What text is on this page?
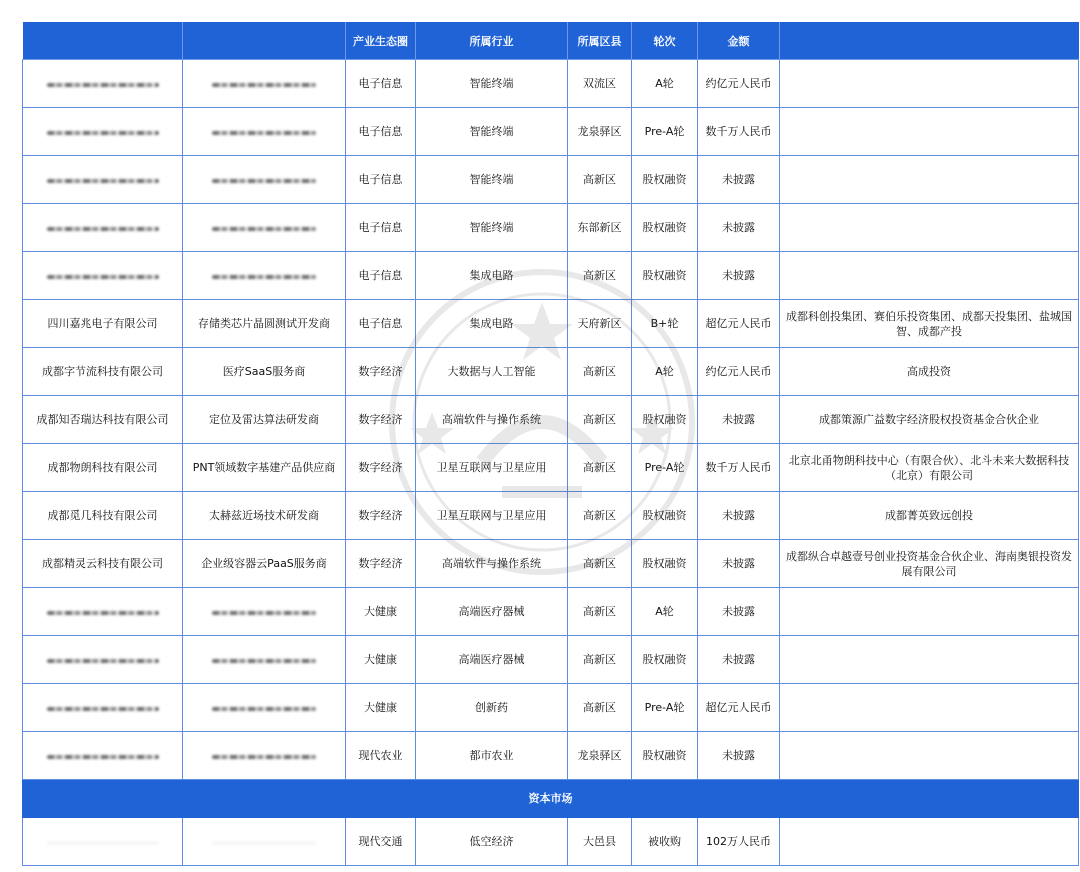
		产业生态圈	所属行业	所属区县	轮次	金额	
		电子信息	智能终端	双流区	A轮	约亿元人民币	
		电子信息	智能终端	龙泉驿区	Pre-A轮	数千万人民币	
		电子信息	智能终端	高新区	股权融资	未披露	
		电子信息	智能终端	东部新区	股权融资	未披露	
		电子信息	集成电路	高新区	股权融资	未披露	
四川嘉兆电子有限公司	存储类芯片晶圆测试开发商	电子信息	集成电路	天府新区	B+轮	超亿元人民币	成都科创投集团、赛伯乐投资集团、成都天投集团、盐城国智、成都产投
成都字节流科技有限公司	医疗SaaS服务商	数字经济	大数据与人工智能	高新区	A轮	约亿元人民币	高成投资
成都知否瑞达科技有限公司	定位及雷达算法研发商	数字经济	高端软件与操作系统	高新区	股权融资	未披露	成都策源广益数字经济股权投资基金合伙企业
成都物朗科技有限公司	PNT领域数字基建产品供应商	数字经济	卫星互联网与卫星应用	高新区	Pre-A轮	数千万人民币	北京北甬物朗科技中心（有限合伙）、北斗未来大数据科技（北京）有限公司
成都觅几科技有限公司	太赫兹近场技术研发商	数字经济	卫星互联网与卫星应用	高新区	股权融资	未披露	成都菁英致远创投
成都精灵云科技有限公司	企业级容器云PaaS服务商	数字经济	高端软件与操作系统	高新区	股权融资	未披露	成都纵合卓越壹号创业投资基金合伙企业、海南奥银投资发展有限公司
		大健康	高端医疗器械	高新区	A轮	未披露	
		大健康	高端医疗器械	高新区	股权融资	未披露	
		大健康	创新药	高新区	Pre-A轮	超亿元人民币	
		现代农业	都市农业	龙泉驿区	股权融资	未披露	
资本市场							
		现代交通	低空经济	大邑县	被收购	102万人民币	
